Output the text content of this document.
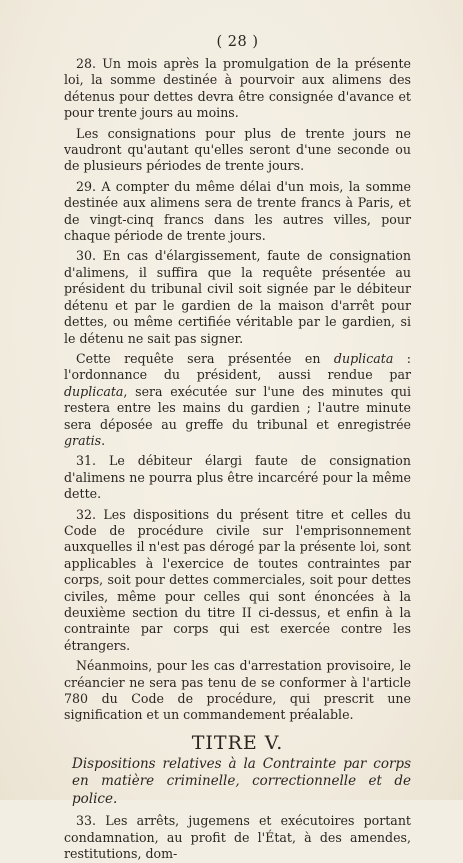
( 28 )

28. Un mois après la promulgation de la présente loi, la somme destinée à pourvoir aux alimens des détenus pour dettes devra être consignée d'avance et pour trente jours au moins.

Les consignations pour plus de trente jours ne vaudront qu'autant qu'elles seront d'une seconde ou de plusieurs périodes de trente jours.

29. A compter du même délai d'un mois, la somme destinée aux alimens sera de trente francs à Paris, et de vingt-cinq francs dans les autres villes, pour chaque période de trente jours.

30. En cas d'élargissement, faute de consignation d'alimens, il suffira que la requête présentée au président du tribunal civil soit signée par le débiteur détenu et par le gardien de la maison d'arrêt pour dettes, ou même certifiée véritable par le gardien, si le détenu ne sait pas signer.

Cette requête sera présentée en duplicata : l'ordonnance du président, aussi rendue par duplicata, sera exécutée sur l'une des minutes qui restera entre les mains du gardien ; l'autre minute sera déposée au greffe du tribunal et enregistrée gratis.

31. Le débiteur élargi faute de consignation d'alimens ne pourra plus être incarcéré pour la même dette.

32. Les dispositions du présent titre et celles du Code de procédure civile sur l'emprisonnement auxquelles il n'est pas dérogé par la présente loi, sont applicables à l'exercice de toutes contraintes par corps, soit pour dettes commerciales, soit pour dettes civiles, même pour celles qui sont énoncées à la deuxième section du titre II ci-dessus, et enfin à la contrainte par corps qui est exercée contre les étrangers.

Néanmoins, pour les cas d'arrestation provisoire, le créancier ne sera pas tenu de se conformer à l'article 780 du Code de procédure, qui prescrit une signification et un commandement préalable.

TITRE V.

Dispositions relatives à la Contrainte par corps en matière criminelle, correctionnelle et de police.

33. Les arrêts, jugemens et exécutoires portant condamnation, au profit de l'État, à des amendes, restitutions, dom-
